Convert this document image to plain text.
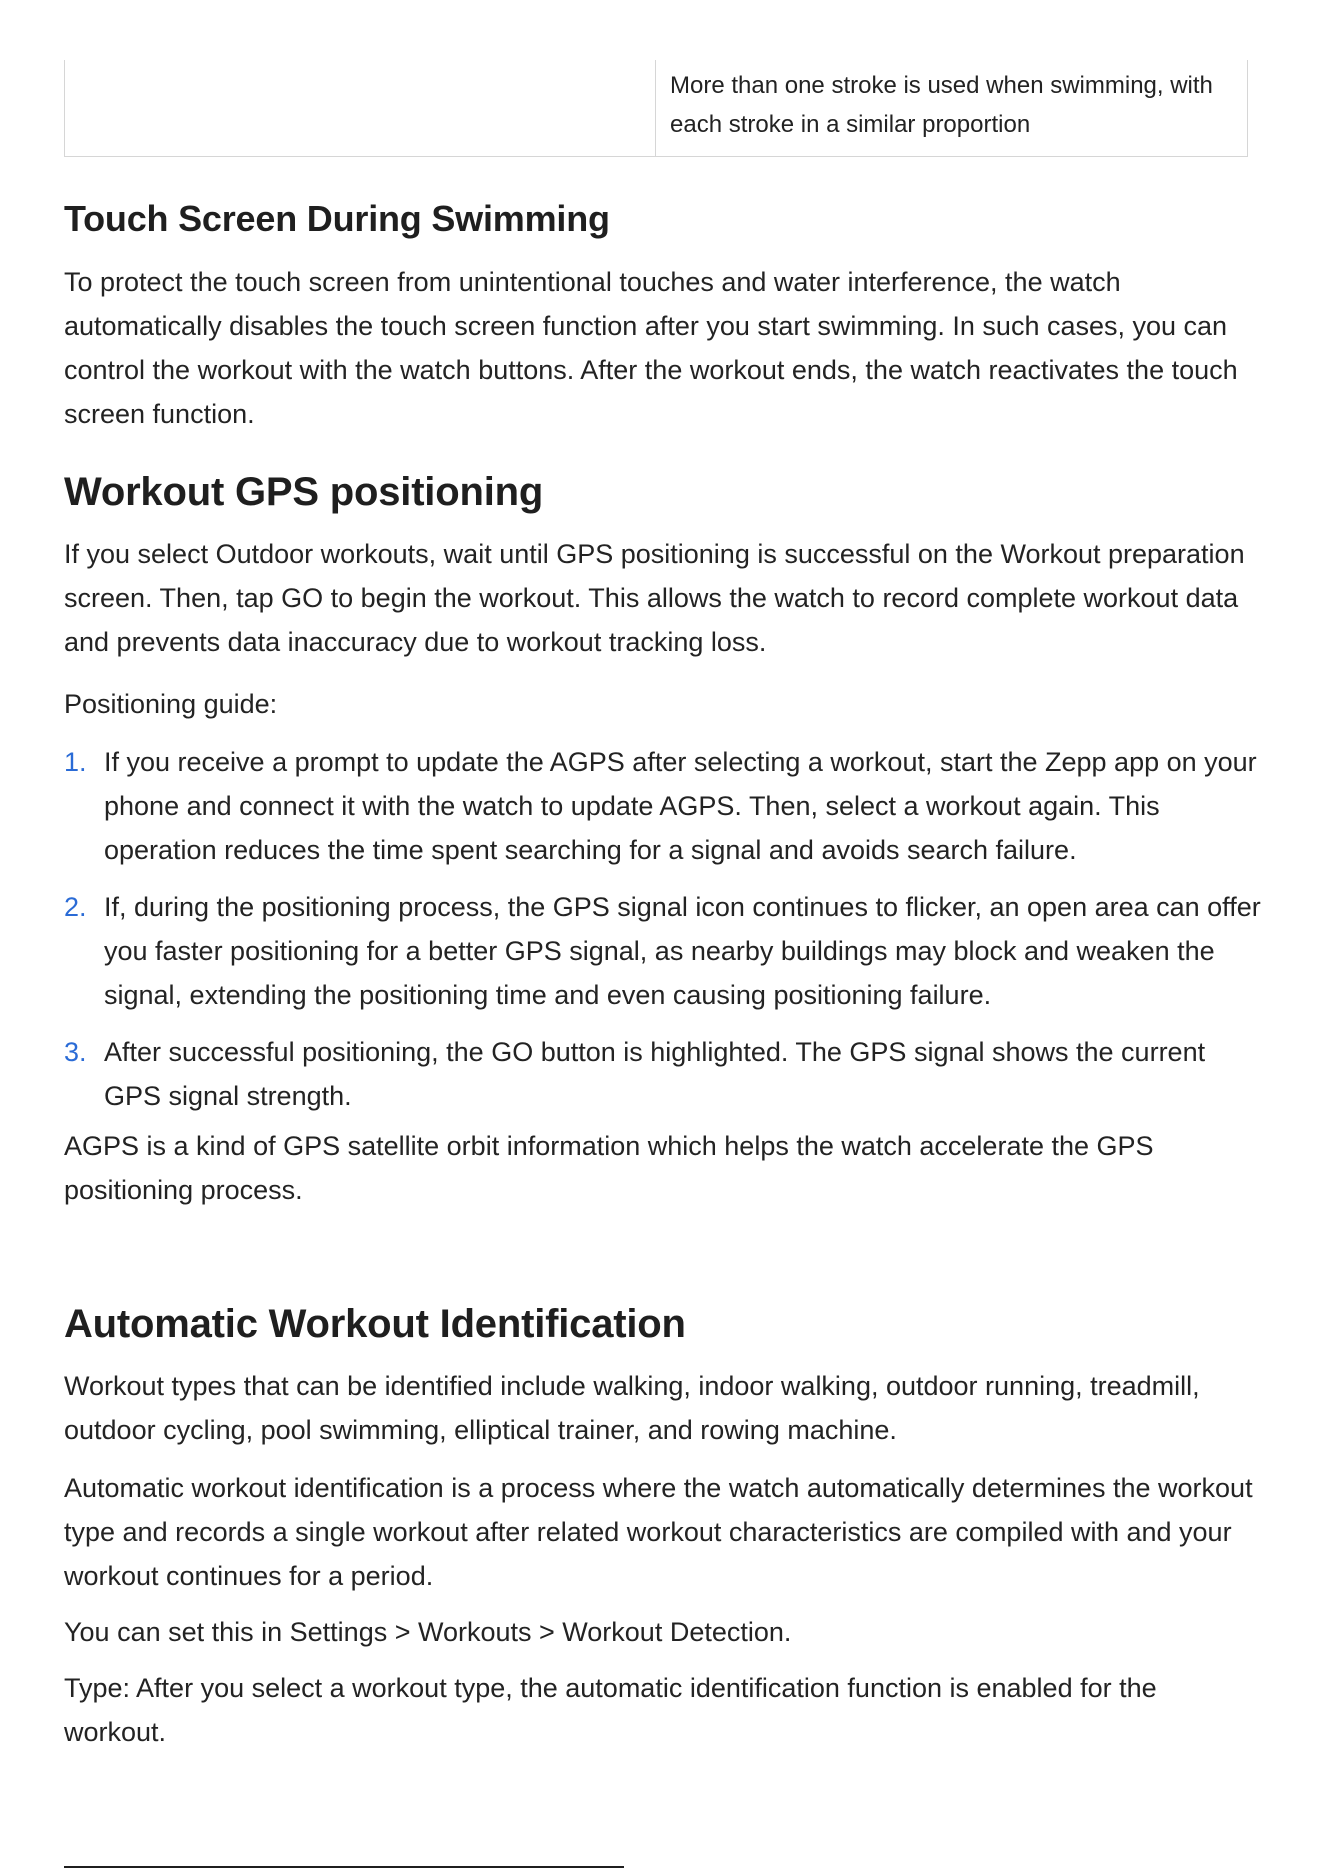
More than one stroke is used when swimming, with each stroke in a similar proportion
Touch Screen During Swimming

To protect the touch screen from unintentional touches and water interference, the watch automatically disables the touch screen function after you start swimming. In such cases, you can control the workout with the watch buttons. After the workout ends, the watch reactivates the touch screen function.

Workout GPS positioning

If you select Outdoor workouts, wait until GPS positioning is successful on the Workout preparation screen. Then, tap GO to begin the workout. This allows the watch to record complete workout data and prevents data inaccuracy due to workout tracking loss.

Positioning guide:

1. If you receive a prompt to update the AGPS after selecting a workout, start the Zepp app on your phone and connect it with the watch to update AGPS. Then, select a workout again. This operation reduces the time spent searching for a signal and avoids search failure.
2. If, during the positioning process, the GPS signal icon continues to flicker, an open area can offer you faster positioning for a better GPS signal, as nearby buildings may block and weaken the signal, extending the positioning time and even causing positioning failure.
3. After successful positioning, the GO button is highlighted. The GPS signal shows the current GPS signal strength.

AGPS is a kind of GPS satellite orbit information which helps the watch accelerate the GPS positioning process.

Automatic Workout Identification

Workout types that can be identified include walking, indoor walking, outdoor running, treadmill, outdoor cycling, pool swimming, elliptical trainer, and rowing machine.

Automatic workout identification is a process where the watch automatically determines the workout type and records a single workout after related workout characteristics are compiled with and your workout continues for a period.

You can set this in Settings > Workouts > Workout Detection.

Type: After you select a workout type, the automatic identification function is enabled for the workout.
